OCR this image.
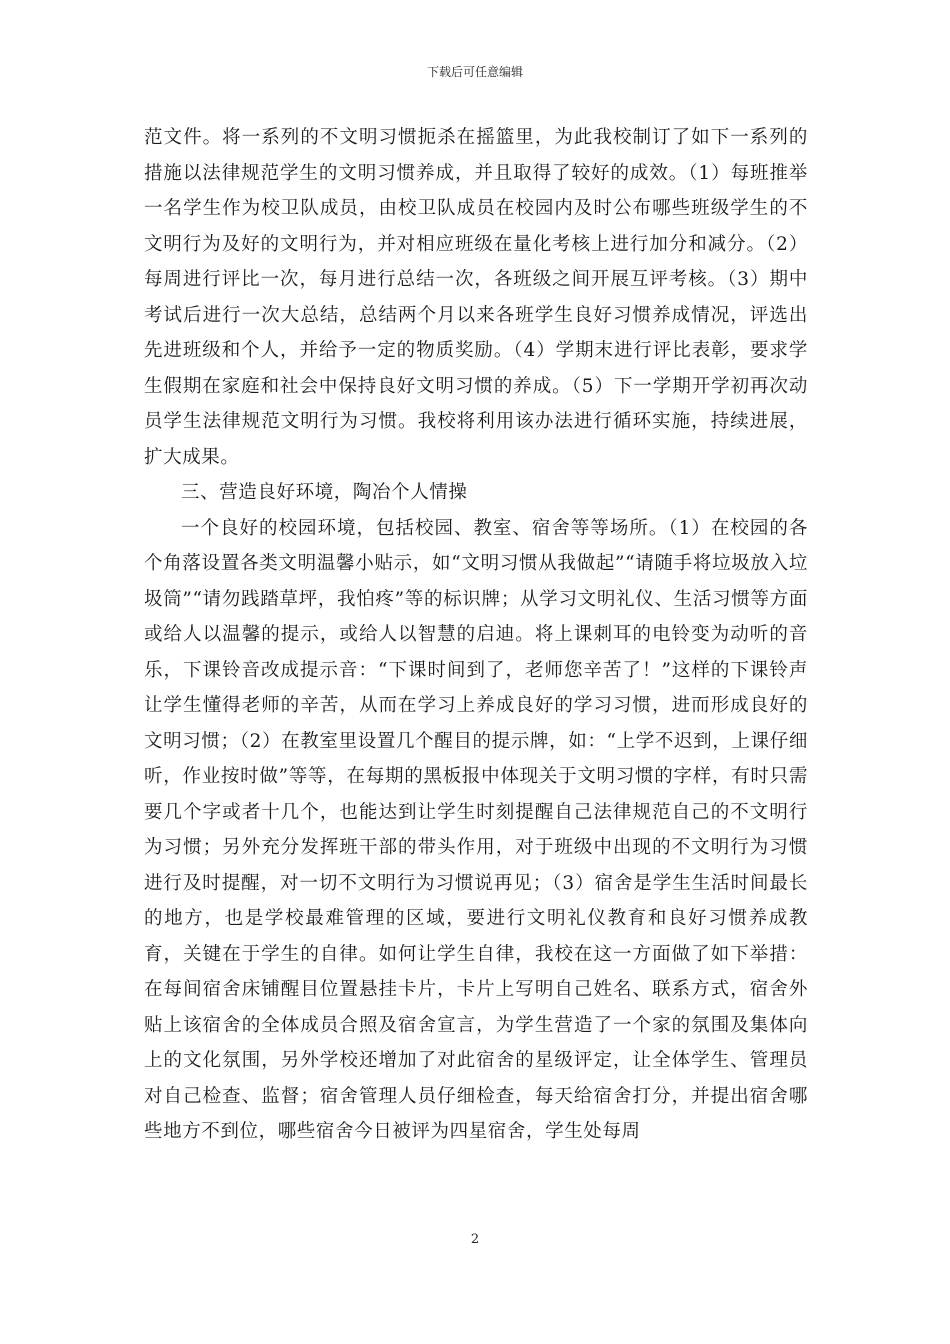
下载后可任意编辑

范文件。将一系列的不文明习惯扼杀在摇篮里，为此我校制订了如下一系列的措施以法律规范学生的文明习惯养成，并且取得了较好的成效。（1）每班推举一名学生作为校卫队成员，由校卫队成员在校园内及时公布哪些班级学生的不文明行为及好的文明行为，并对相应班级在量化考核上进行加分和减分。（2）每周进行评比一次，每月进行总结一次，各班级之间开展互评考核。（3）期中考试后进行一次大总结，总结两个月以来各班学生良好习惯养成情况，评选出先进班级和个人，并给予一定的物质奖励。（4）学期末进行评比表彰，要求学生假期在家庭和社会中保持良好文明习惯的养成。（5）下一学期开学初再次动员学生法律规范文明行为习惯。我校将利用该办法进行循环实施，持续进展，扩大成果。

三、营造良好环境，陶冶个人情操

一个良好的校园环境，包括校园、教室、宿舍等等场所。（1）在校园的各个角落设置各类文明温馨小贴示，如“文明习惯从我做起”“请随手将垃圾放入垃圾筒”“请勿践踏草坪，我怕疼”等的标识牌；从学习文明礼仪、生活习惯等方面或给人以温馨的提示，或给人以智慧的启迪。将上课刺耳的电铃变为动听的音乐，下课铃音改成提示音：“下课时间到了，老师您辛苦了！”这样的下课铃声让学生懂得老师的辛苦，从而在学习上养成良好的学习习惯，进而形成良好的文明习惯；（2）在教室里设置几个醒目的提示牌，如：“上学不迟到，上课仔细听，作业按时做”等等，在每期的黑板报中体现关于文明习惯的字样，有时只需要几个字或者十几个，也能达到让学生时刻提醒自己法律规范自己的不文明行为习惯；另外充分发挥班干部的带头作用，对于班级中出现的不文明行为习惯进行及时提醒，对一切不文明行为习惯说再见；（3）宿舍是学生生活时间最长的地方，也是学校最难管理的区域，要进行文明礼仪教育和良好习惯养成教育，关键在于学生的自律。如何让学生自律，我校在这一方面做了如下举措：在每间宿舍床铺醒目位置悬挂卡片，卡片上写明自己姓名、联系方式，宿舍外贴上该宿舍的全体成员合照及宿舍宣言，为学生营造了一个家的氛围及集体向上的文化氛围，另外学校还增加了对此宿舍的星级评定，让全体学生、管理员对自己检查、监督；宿舍管理人员仔细检查，每天给宿舍打分，并提出宿舍哪些地方不到位，哪些宿舍今日被评为四星宿舍，学生处每周

2
